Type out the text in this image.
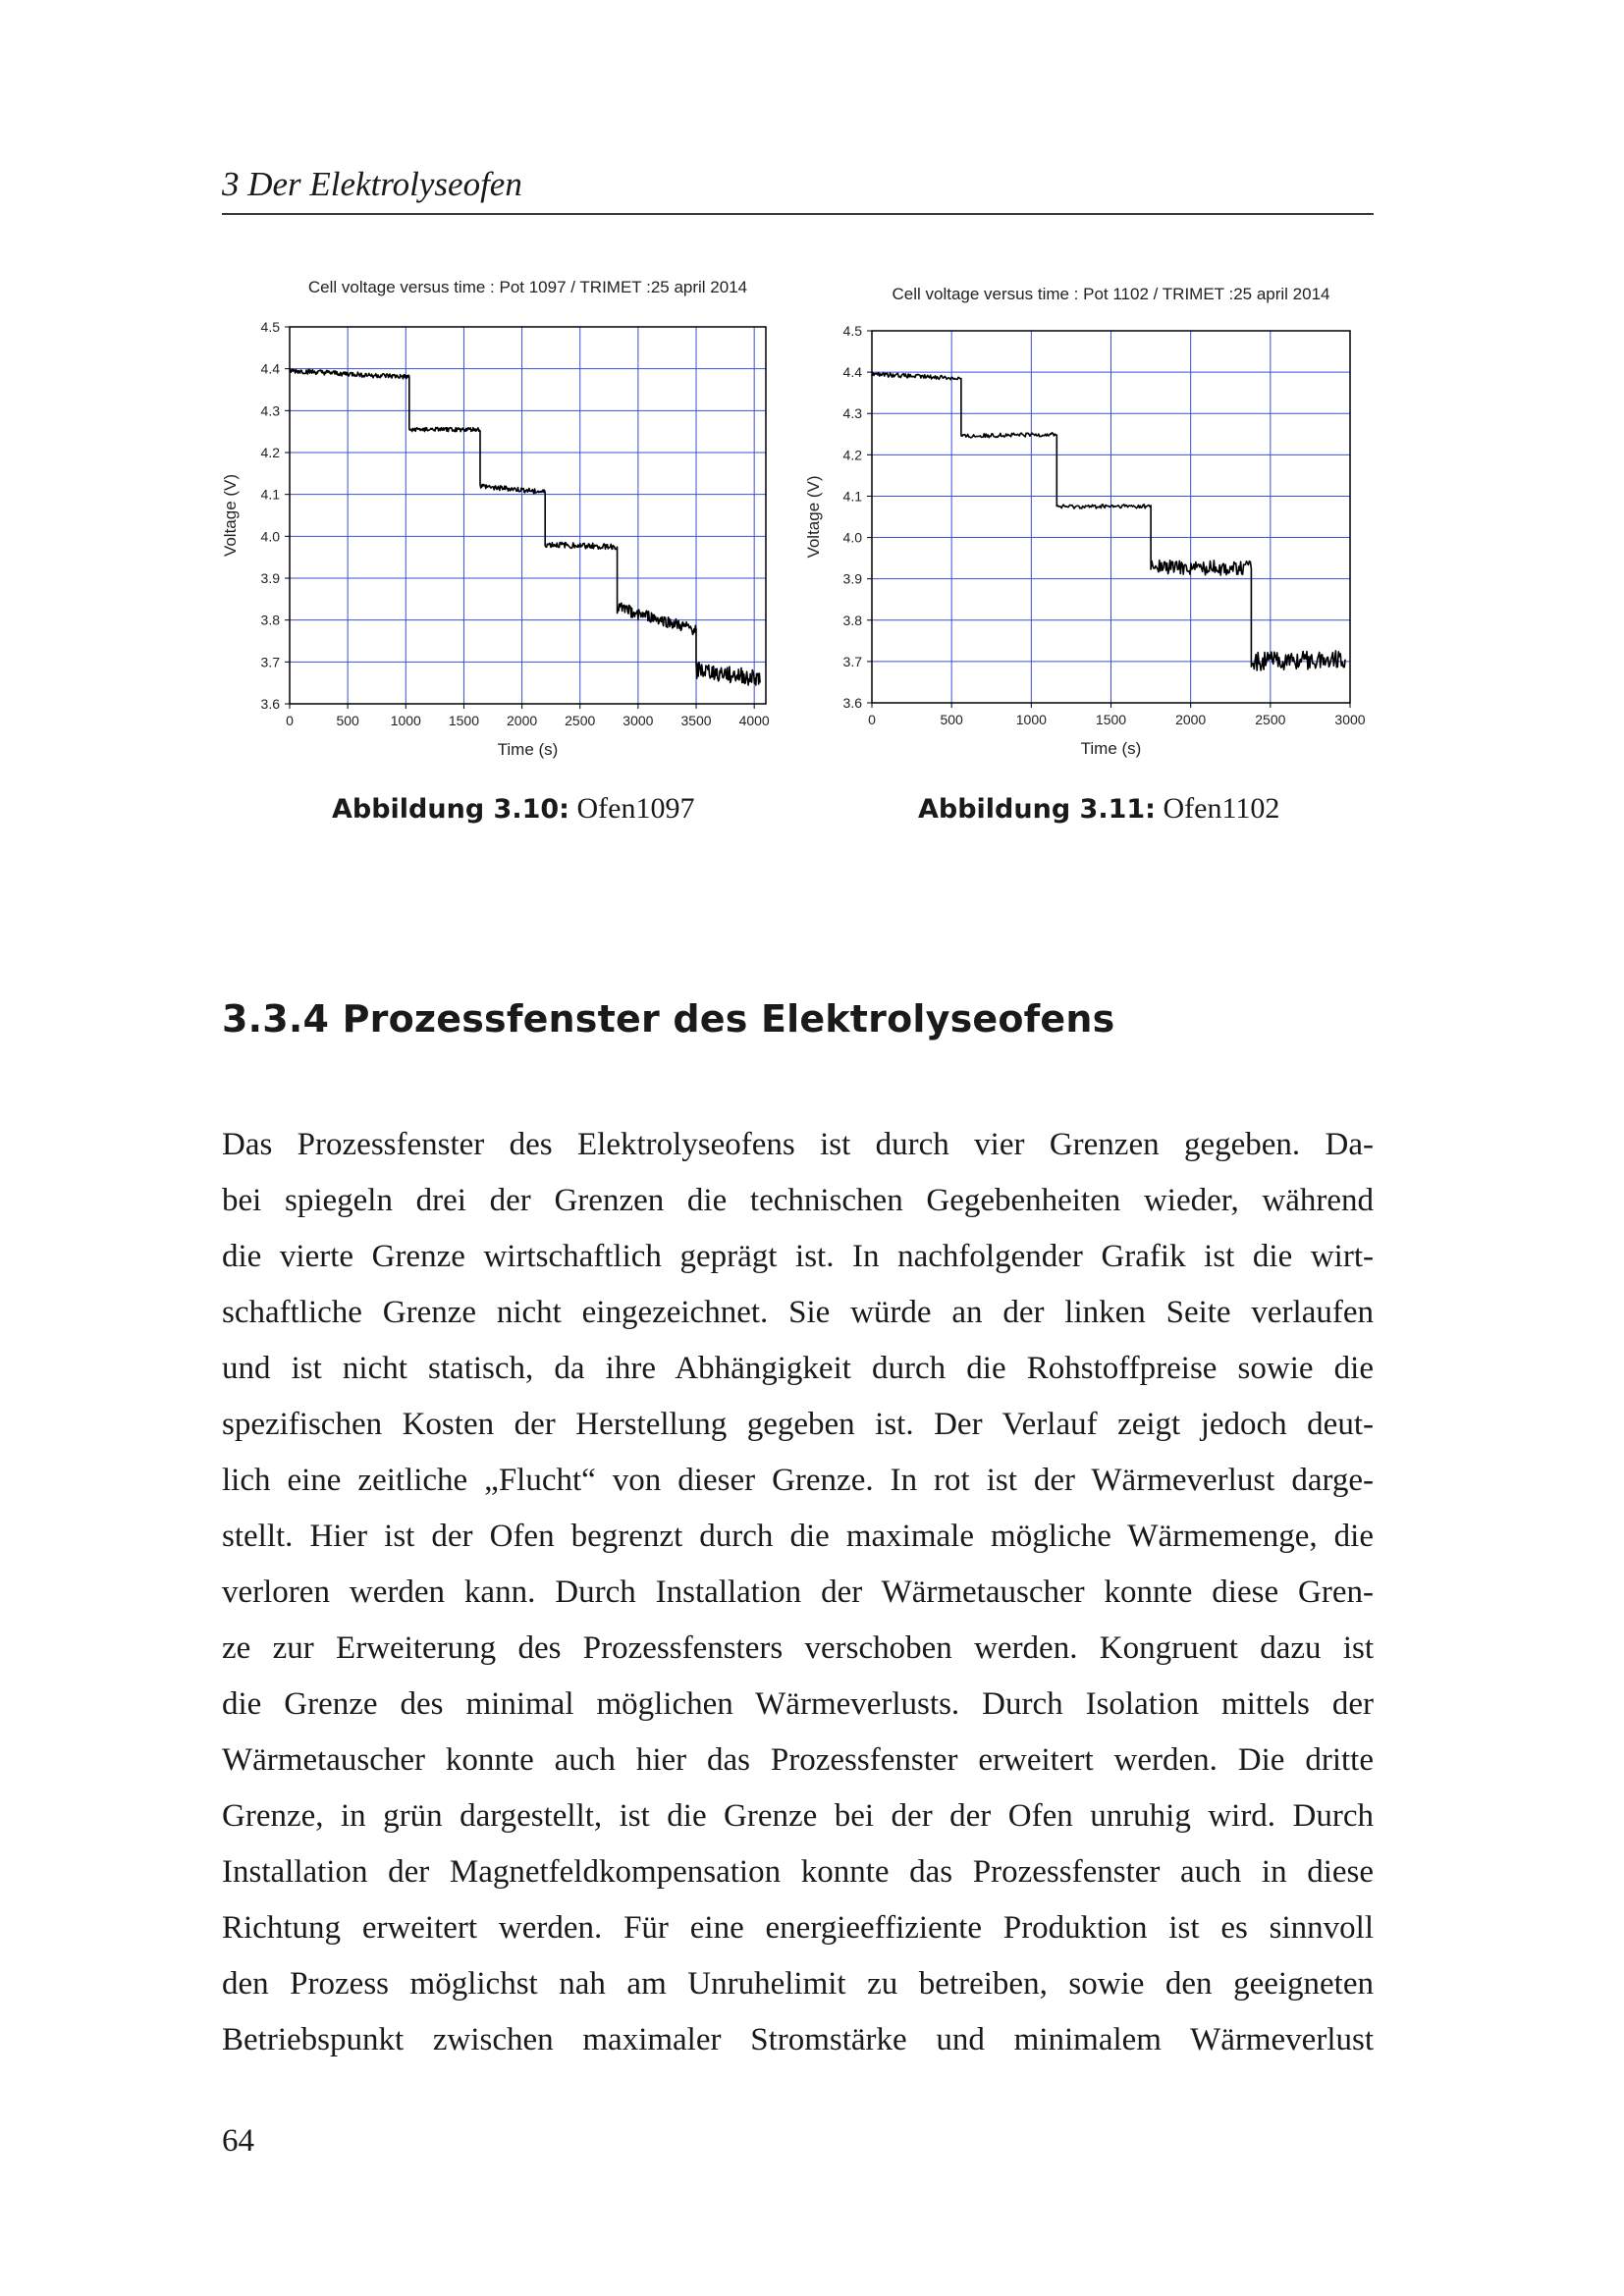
3 Der Elektrolyseofen
Cell voltage versus time : Pot 1097 / TRIMET :25 april 2014
0	500 1000 1500 2000 2500 3000 3500 4000
3.6
3.7
3.8
3.9
4.0
4.1
4.2
4.3
4.4
4.5
Time (s)
Voltage (V)
Cell voltage versus time : Pot 1102 / TRIMET :25 april 2014
0	500	1000	1500	2000	2500	3000
3.6
3.7
3.8
3.9
4.0
4.1
4.2
4.3
4.4
4.5
Time (s)
Voltage (V)
Abbildung 3.10: Ofen1097	Abbildung 3.11: Ofen1102
3.3.4 Prozessfenster des Elektrolyseofens
Das Prozessfenster des Elektrolyseofens ist durch vier Grenzen gegeben. Da-
bei spiegeln drei der Grenzen die technischen Gegebenheiten wieder, während
die vierte Grenze wirtschaftlich geprägt ist. In nachfolgender Grafik ist die wirt-
schaftliche Grenze nicht eingezeichnet. Sie würde an der linken Seite verlaufen
und ist nicht statisch, da ihre Abhängigkeit durch die Rohstoffpreise sowie die
spezifischen Kosten der Herstellung gegeben ist. Der Verlauf zeigt jedoch deut-
lich eine zeitliche „Flucht“ von dieser Grenze. In rot ist der Wärmeverlust darge-
stellt. Hier ist der Ofen begrenzt durch die maximale mögliche Wärmemenge, die
verloren werden kann. Durch Installation der Wärmetauscher konnte diese Gren-
ze zur Erweiterung des Prozessfensters verschoben werden. Kongruent dazu ist
die Grenze des minimal möglichen Wärmeverlusts. Durch Isolation mittels der
Wärmetauscher konnte auch hier das Prozessfenster erweitert werden. Die dritte
Grenze, in grün dargestellt, ist die Grenze bei der der Ofen unruhig wird. Durch
Installation der Magnetfeldkompensation konnte das Prozessfenster auch in diese
Richtung erweitert werden. Für eine energieeffiziente Produktion ist es sinnvoll
den Prozess möglichst nah am Unruhelimit zu betreiben, sowie den geeigneten
Betriebspunkt zwischen maximaler Stromstärke und minimalem Wärmeverlust
64
